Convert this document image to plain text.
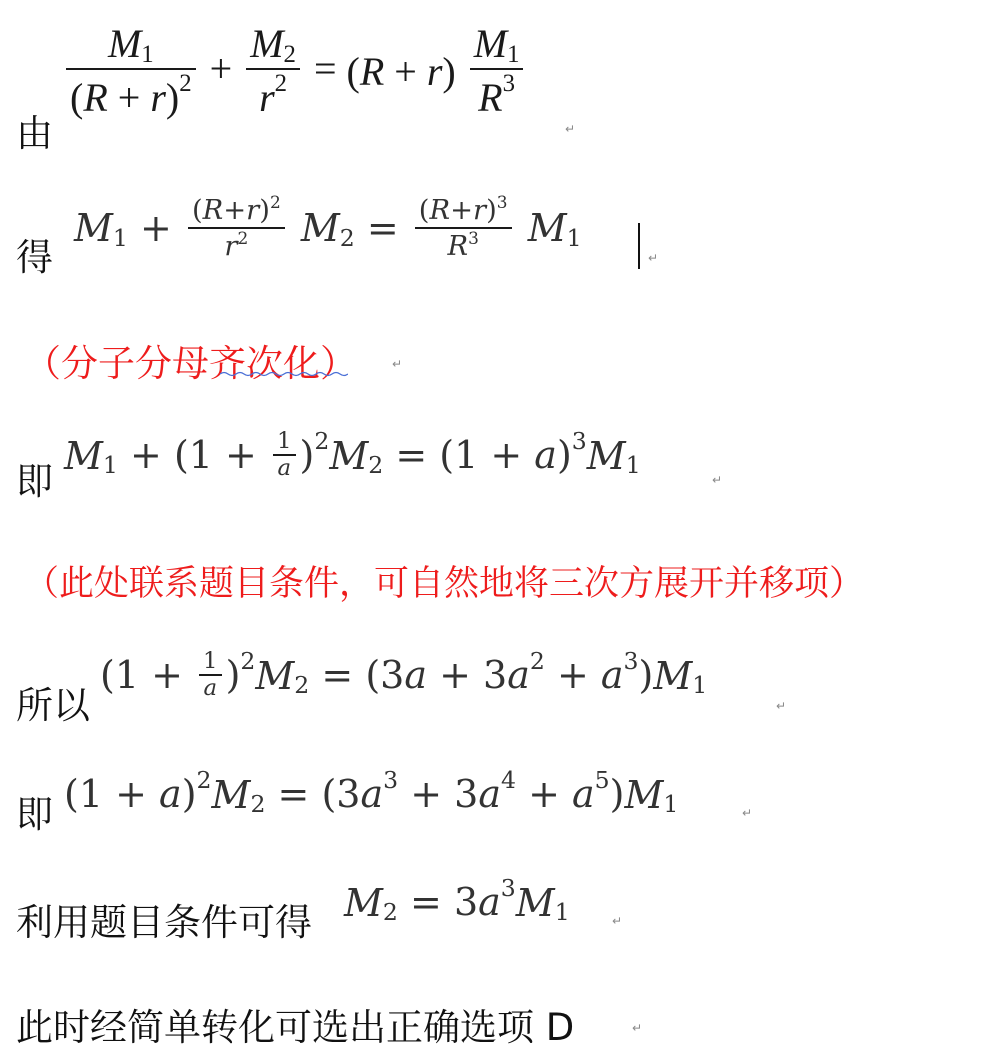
由
$\frac{M1}{(R + r)2} + \frac{M2}{r2} = (R + r) \frac{M1}{R3}$
↵
得
$M1 + \frac{(R+r)2}{r2} M2 = \frac{(R+r)3}{R3} M1$
↵
（分子分母齐次化）	↵
即
$M1 + (1 + \frac{1}{a} )2M2 = (1 + a)3M1$
↵
（此处联系题目条件，可自然地将三次方展开并移项）
所以
$(1 + \frac{1}{a} )2M2 = (3a + 3a2 + a3)M1$
↵
即 (1 + a)2M2 = (3a3 + 3a4 + a5)M1	↵
利用题目条件可得 M2 = 3a3M1	↵
此时经简单转化可选出正确选项 D	↵
